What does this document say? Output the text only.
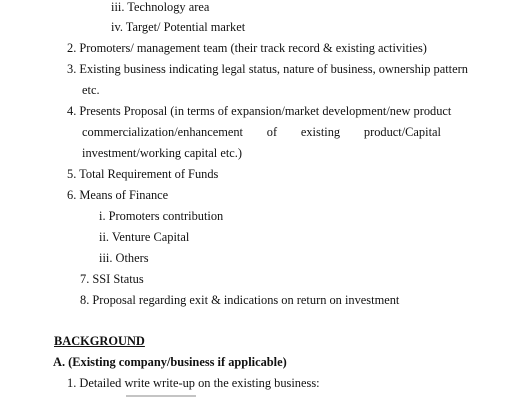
iii. Technology area
iv. Target/ Potential market
2. Promoters/ management team (their track record & existing activities)
3. Existing business indicating legal status, nature of business, ownership pattern
etc.
4. Presents Proposal (in terms of expansion/market development/new product
commercialization/enhancement of existing product/Capital
investment/working capital etc.)
5. Total Requirement of Funds
6. Means of Finance
i. Promoters contribution
ii. Venture Capital
iii. Others
7. SSI Status
8. Proposal regarding exit & indications on return on investment
BACKGROUND
A. (Existing company/business if applicable)
1. Detailed write write-up on the existing business:
